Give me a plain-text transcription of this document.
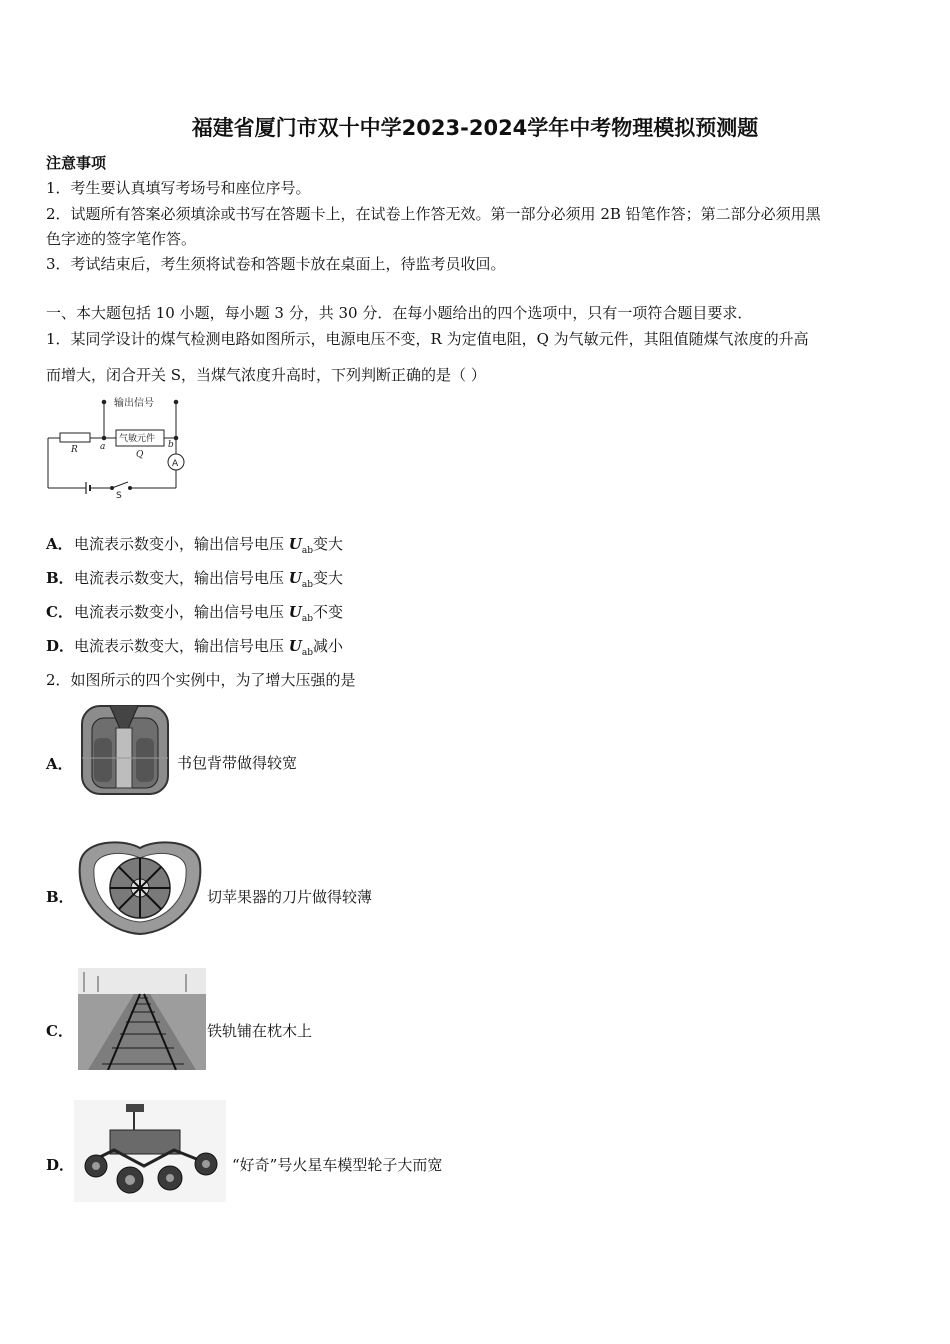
福建省厦门市双十中学2023-2024学年中考物理模拟预测题
注意事项
1．考生要认真填写考场号和座位序号。
2．试题所有答案必须填涂或书写在答题卡上，在试卷上作答无效。第一部分必须用 2B 铅笔作答；第二部分必须用黑
色字迹的签字笔作答。
3．考试结束后，考生须将试卷和答题卡放在桌面上，待监考员收回。
一、本大题包括 10 小题，每小题 3 分，共 30 分．在每小题给出的四个选项中，只有一项符合题目要求．
1．某同学设计的煤气检测电路如图所示，电源电压不变，R 为定值电阻，Q 为气敏元件，其阻值随煤气浓度的升高
而增大，闭合开关 S，当煤气浓度升高时，下列判断正确的是（ ）
输出信号
气敏元件
R	Q
a	b
A
S
A．电流表示数变小，输出信号电压 $U_{ab}$变大
B．电流表示数变大，输出信号电压 $U_{ab}$变大
C．电流表示数变小，输出信号电压 $U_{ab}$不变
D．电流表示数变大，输出信号电压 $U_{ab}$减小
2．如图所示的四个实例中，为了增大压强的是
A．	书包背带做得较宽
B．	切苹果器的刀片做得较薄
C．	铁轨铺在枕木上
D．	“好奇”号火星车模型轮子大而宽
